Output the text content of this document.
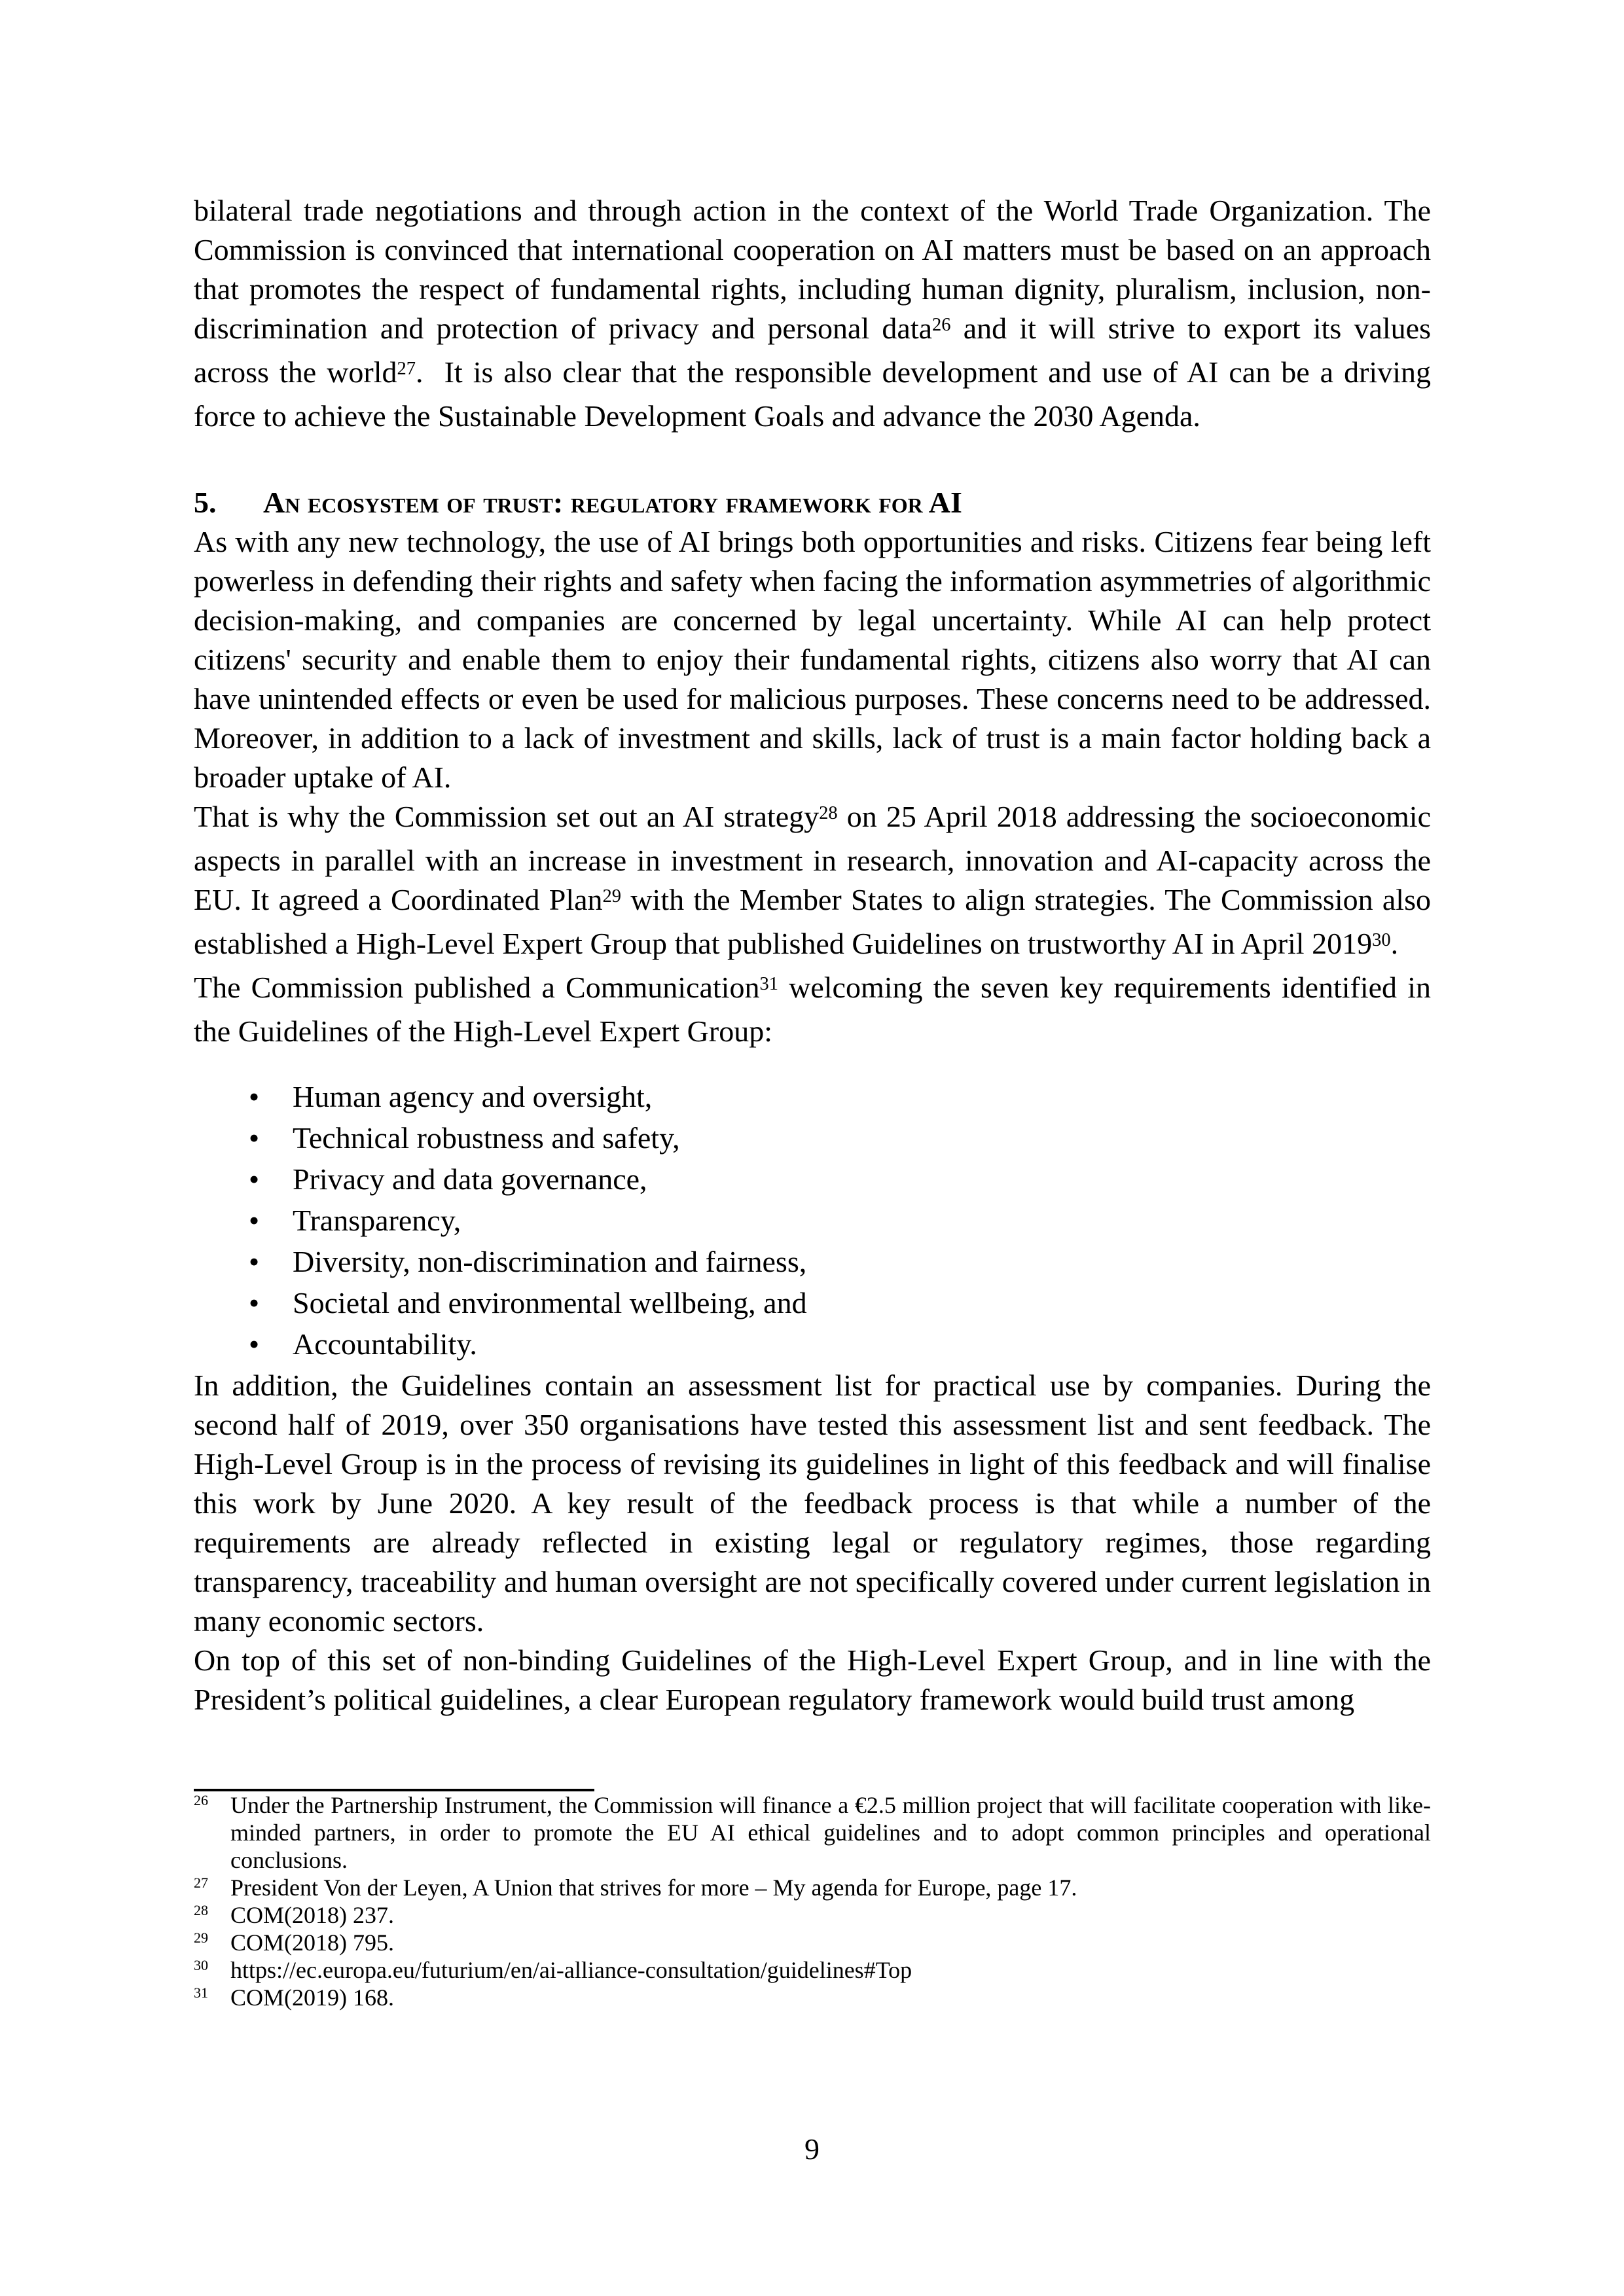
bilateral trade negotiations and through action in the context of the World Trade Organization. The Commission is convinced that international cooperation on AI matters must be based on an approach that promotes the respect of fundamental rights, including human dignity, pluralism, inclusion, non-discrimination and protection of privacy and personal data$^{26}$ and it will strive to export its values across the world$^{27}$.  It is also clear that the responsible development and use of AI can be a driving force to achieve the Sustainable Development Goals and advance the 2030 Agenda.

5.	An ecosystem of trust: regulatory framework for AI

As with any new technology, the use of AI brings both opportunities and risks. Citizens fear being left powerless in defending their rights and safety when facing the information asymmetries of algorithmic decision-making, and companies are concerned by legal uncertainty. While AI can help protect citizens' security and enable them to enjoy their fundamental rights, citizens also worry that AI can have unintended effects or even be used for malicious purposes. These concerns need to be addressed. Moreover, in addition to a lack of investment and skills, lack of trust is a main factor holding back a broader uptake of AI.

That is why the Commission set out an AI strategy$^{28}$ on 25 April 2018 addressing the socioeconomic aspects in parallel with an increase in investment in research, innovation and AI-capacity across the EU. It agreed a Coordinated Plan$^{29}$ with the Member States to align strategies. The Commission also established a High-Level Expert Group that published Guidelines on trustworthy AI in April 2019$^{30}$.

The Commission published a Communication$^{31}$ welcoming the seven key requirements identified in the Guidelines of the High-Level Expert Group:

• Human agency and oversight,
• Technical robustness and safety,
• Privacy and data governance,
• Transparency,
• Diversity, non-discrimination and fairness,
• Societal and environmental wellbeing, and
• Accountability.

In addition, the Guidelines contain an assessment list for practical use by companies. During the second half of 2019, over 350 organisations have tested this assessment list and sent feedback. The High-Level Group is in the process of revising its guidelines in light of this feedback and will finalise this work by June 2020. A key result of the feedback process is that while a number of the requirements are already reflected in existing legal or regulatory regimes, those regarding transparency, traceability and human oversight are not specifically covered under current legislation in many economic sectors.

On top of this set of non-binding Guidelines of the High-Level Expert Group, and in line with the President’s political guidelines, a clear European regulatory framework would build trust among

26 Under the Partnership Instrument, the Commission will finance a €2.5 million project that will facilitate cooperation with like-minded partners, in order to promote the EU AI ethical guidelines and to adopt common principles and operational conclusions.
27 President Von der Leyen, A Union that strives for more – My agenda for Europe, page 17.
28 COM(2018) 237.
29 COM(2018) 795.
30 https://ec.europa.eu/futurium/en/ai-alliance-consultation/guidelines#Top
31 COM(2019) 168.
9
